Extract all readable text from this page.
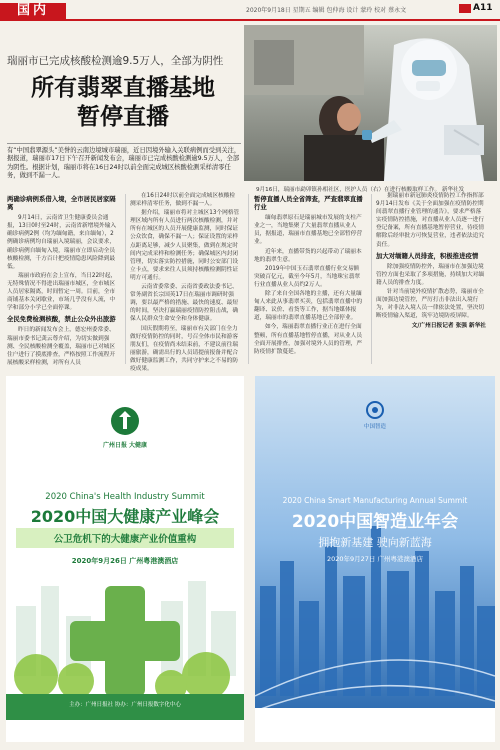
国内	2020年9月18日 星期五 编辑 包仲海 设计 蒙玲 校对 蔡永文	A11
瑞丽市已完成核酸检测逾9.5万人，全部为阴性
所有翡翠直播基地
暂停直播
有“中国翡翠源头”美誉的云南边境城市瑞丽，近日因境外输入关联病例而受到关注，据报道，瑞丽市17日下午召开新闻发布会，瑞丽市已完成核酸检测逾9.5万人，全部为阴性。根据计划，瑞丽市将在16日24时以前全面完成城区核酸检测采样清零任务，做到不漏一人。
9月16日，瑞丽市勐卯镇孙相社区，医护人员（右）在进行核酸取样工作。 新华社发
两确诊病例系借入境，全市居民居家隔离

9月14日，云南省卫生健康委员会通报，13日0时至24时，云南省新增境外输入确诊病例2例（均为缅甸籍，来自缅甸），2例确诊病例均自瑞丽入境瑞丽，会议要求，确诊病例自缅甸入境，瑞丽市立即启动全员核酸检测，千方百计把疫情隐患风险降到最低。

瑞丽市政府在会上宣布，当日22时起，无特殊情况不得进出瑞丽市城区，全市城区人员居家隔离，时间暂定一周。目前，全市商铺基本关闭歇业，市场几乎没有人流，中学和部分小学已全面停课。

全民免费检测核酸，禁止公众外出旅游

昨日的新闻发布会上，德宏州委常委、瑞丽市委书记龚云尊介绍，为切实做到强测、全民核酸检测全覆盖，瑞丽市已对城区住户进行了摸底排查，严格按照工作流程开展核酸采样检测，对所有人员

在16日24时以前全面完成城区核酸检测采样清零任务，做到不漏一人。

据介绍，瑞丽市将对主城区13个网格管理区域内所有人员进行两次核酸检测，并对所有在城区的人员开展健康监测，同时保证公众饮食，确保不漏一人；保证设置的采样点距离足够，减少人员聚集，做到在规定时间内完成采样和检测任务；确保城区内封闭管理，切实落实防控措施，同时公安部门设立卡点，要求来往人员须持核酸检测阴性证明方可通行。

云南省委常委、云南省委政法委书记、常务副省长宗国英17日在瑞丽市调研时强调，要以最严格的措施、最快的速度、最短的时间，坚决打赢瑞丽疫情防控阻击战，确保人民群众生命安全和身体健康。

国庆假期将至，瑞丽市有关部门在全力做好疫情防控的同时，号召全体市民和游客朋友们，在疫情尚未结束前，不建议前往瑞丽旅游，确需出行的人员请提前报备并配合做好健康监测工作，共同守护来之不易的防疫成果。

暂停直播人员全省筛查，严查翡翠直播行业

缅甸翡翠原石是瑞丽城市发展的支柱产业之一，当地集聚了大量翡翠直播从业人员，据报道，瑞丽市直播基地已全部暂停营业。

近年来，直播带货的兴起带动了瑞丽本地的翡翠生意。

2019年中国玉石翡翠直播行业交易额突破百亿元，截至今年5月，当地珠宝翡翠行业直播从业人员约2万人。

除了来自全国各地的主播，还有大量缅甸人来此从事翡翠买卖，包括翡翠直播中的翻译、议价、看货等工作，据当地媒体报道，瑞丽市的翡翠直播基地已全部停业。

如今，瑞丽翡翠直播行业正在进行全面整顿，所有直播基地暂停直播，对从业人员全面开展排查，加强对境外人员的管理，严防疫情扩散蔓延。

据瑞丽市新冠肺炎疫情防控工作指挥部9月14日发布《关于全面加强在疫情防控期间翡翠直播行业管理的通告》，要求严格落实疫情防控措施，对直播从业人员逐一进行登记备案，所有直播基地暂停营业，待疫情解除后经审批方可恢复营业，违者依法追究责任。

加大对缅籍人员排查，积极推进疫情

除加强疫情防控外，瑞丽市在加强边境管控方面也采取了多项措施，持续加大对缅籍人员的排查力度。

针对当前境外疫情扩散态势，瑞丽市全面加强边境管控，严厉打击非法出入境行为，对非法入境人员一律依法处置，坚决切断疫情输入渠道，筑牢边境防疫屏障。

文/广州日报记者 张强 新华社
广州日报 大健康
2020 China's Health Industry Summit
2020中国大健康产业峰会
公卫危机下的大健康产业价值重构
2020年9月26日 广州粤港澳酒店
主办：广州日报社 协办：广州日报数字化中心
中国智造
2020 China Smart Manufacturing Annual Summit
2020中国智造业年会
拥抱新基建 驶向新蓝海
2020年9月27日 广州粤港澳酒店
